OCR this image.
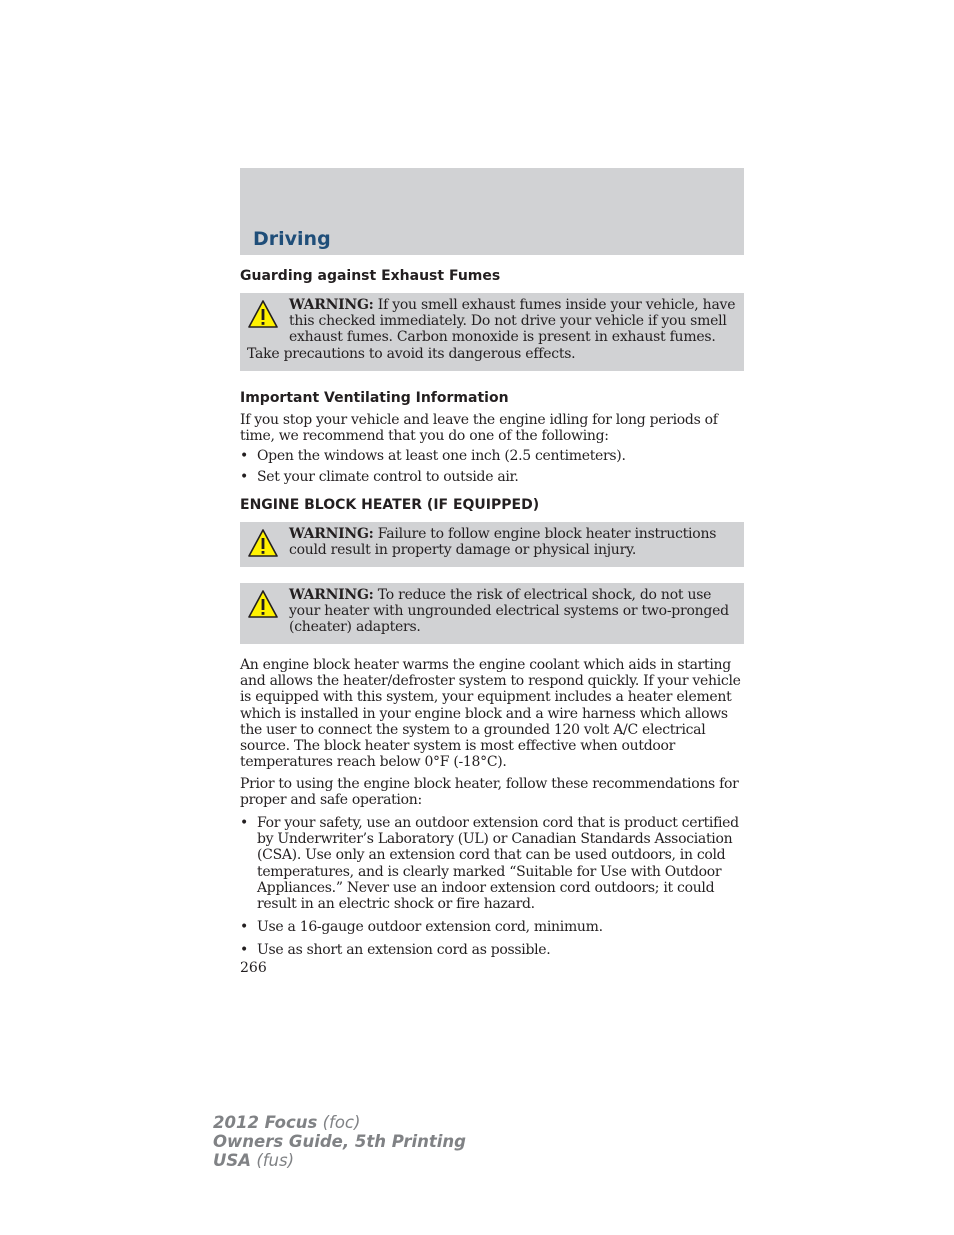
Driving
Guarding against Exhaust Fumes
WARNING: If you smell exhaust fumes inside your vehicle, have this checked immediately. Do not drive your vehicle if you smell exhaust fumes. Carbon monoxide is present in exhaust fumes. Take precautions to avoid its dangerous effects.
Important Ventilating Information
If you stop your vehicle and leave the engine idling for long periods of time, we recommend that you do one of the following:
• Open the windows at least one inch (2.5 centimeters).
• Set your climate control to outside air.
ENGINE BLOCK HEATER (IF EQUIPPED)
WARNING: Failure to follow engine block heater instructions could result in property damage or physical injury.
WARNING: To reduce the risk of electrical shock, do not use your heater with ungrounded electrical systems or two-pronged (cheater) adapters.
An engine block heater warms the engine coolant which aids in starting and allows the heater/defroster system to respond quickly. If your vehicle is equipped with this system, your equipment includes a heater element which is installed in your engine block and a wire harness which allows the user to connect the system to a grounded 120 volt A/C electrical source. The block heater system is most effective when outdoor temperatures reach below 0°F (-18°C).
Prior to using the engine block heater, follow these recommendations for proper and safe operation:
• For your safety, use an outdoor extension cord that is product certified by Underwriter’s Laboratory (UL) or Canadian Standards Association (CSA). Use only an extension cord that can be used outdoors, in cold temperatures, and is clearly marked “Suitable for Use with Outdoor Appliances.” Never use an indoor extension cord outdoors; it could result in an electric shock or fire hazard.
• Use a 16-gauge outdoor extension cord, minimum.
• Use as short an extension cord as possible.
266
2012 Focus (foc)
Owners Guide, 5th Printing
USA (fus)
